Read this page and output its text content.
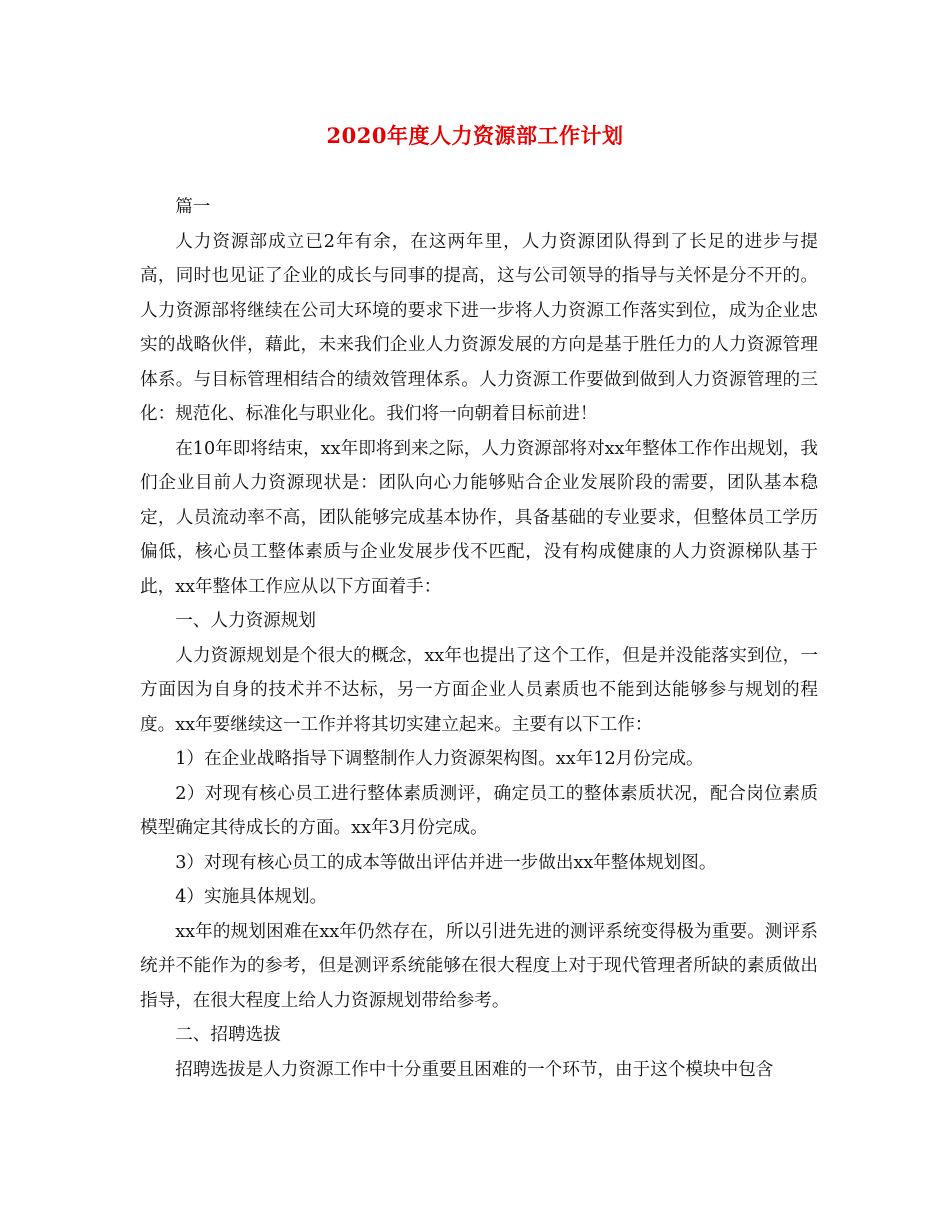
2020年度人力资源部工作计划

篇一

人力资源部成立已2年有余，在这两年里，人力资源团队得到了长足的进步与提高，同时也见证了企业的成长与同事的提高，这与公司领导的指导与关怀是分不开的。人力资源部将继续在公司大环境的要求下进一步将人力资源工作落实到位，成为企业忠实的战略伙伴，藉此，未来我们企业人力资源发展的方向是基于胜任力的人力资源管理体系。与目标管理相结合的绩效管理体系。人力资源工作要做到做到人力资源管理的三化：规范化、标准化与职业化。我们将一向朝着目标前进！

在10年即将结束，xx年即将到来之际，人力资源部将对xx年整体工作作出规划，我们企业目前人力资源现状是：团队向心力能够贴合企业发展阶段的需要，团队基本稳定，人员流动率不高，团队能够完成基本协作，具备基础的专业要求，但整体员工学历偏低，核心员工整体素质与企业发展步伐不匹配，没有构成健康的人力资源梯队基于此，xx年整体工作应从以下方面着手：

一、人力资源规划

人力资源规划是个很大的概念，xx年也提出了这个工作，但是并没能落实到位，一方面因为自身的技术并不达标，另一方面企业人员素质也不能到达能够参与规划的程度。xx年要继续这一工作并将其切实建立起来。主要有以下工作：

1）在企业战略指导下调整制作人力资源架构图。xx年12月份完成。

2）对现有核心员工进行整体素质测评，确定员工的整体素质状况，配合岗位素质模型确定其待成长的方面。xx年3月份完成。

3）对现有核心员工的成本等做出评估并进一步做出xx年整体规划图。

4）实施具体规划。

xx年的规划困难在xx年仍然存在，所以引进先进的测评系统变得极为重要。测评系统并不能作为的参考，但是测评系统能够在很大程度上对于现代管理者所缺的素质做出指导，在很大程度上给人力资源规划带给参考。

二、招聘选拔

招聘选拔是人力资源工作中十分重要且困难的一个环节，由于这个模块中包含
